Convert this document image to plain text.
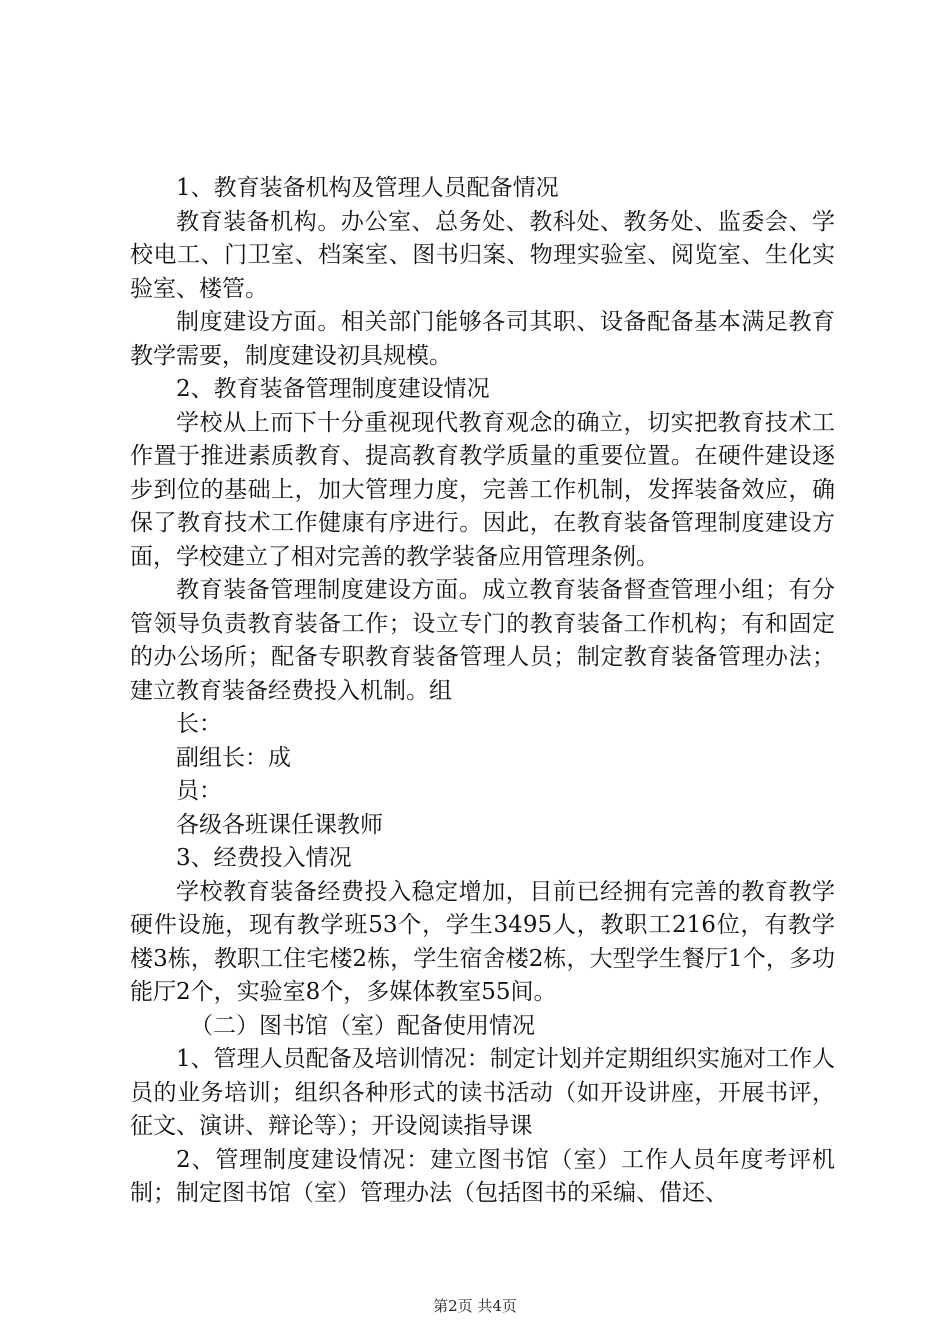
1、教育装备机构及管理人员配备情况

教育装备机构。办公室、总务处、教科处、教务处、监委会、学校电工、门卫室、档案室、图书归案、物理实验室、阅览室、生化实验室、楼管。

制度建设方面。相关部门能够各司其职、设备配备基本满足教育教学需要，制度建设初具规模。

2、教育装备管理制度建设情况

学校从上而下十分重视现代教育观念的确立，切实把教育技术工作置于推进素质教育、提高教育教学质量的重要位置。在硬件建设逐步到位的基础上，加大管理力度，完善工作机制，发挥装备效应，确保了教育技术工作健康有序进行。因此，在教育装备管理制度建设方面，学校建立了相对完善的教学装备应用管理条例。

教育装备管理制度建设方面。成立教育装备督查管理小组；有分管领导负责教育装备工作；设立专门的教育装备工作机构；有和固定的办公场所；配备专职教育装备管理人员；制定教育装备管理办法；建立教育装备经费投入机制。组

长：

副组长：成

员：

各级各班课任课教师

3、经费投入情况

学校教育装备经费投入稳定增加，目前已经拥有完善的教育教学硬件设施，现有教学班53个，学生3495人，教职工216位，有教学楼3栋，教职工住宅楼2栋，学生宿舍楼2栋，大型学生餐厅1个，多功能厅2个，实验室8个，多媒体教室55间。

（二）图书馆（室）配备使用情况

1、管理人员配备及培训情况：制定计划并定期组织实施对工作人员的业务培训；组织各种形式的读书活动（如开设讲座，开展书评，征文、演讲、辩论等）；开设阅读指导课

2、管理制度建设情况：建立图书馆（室）工作人员年度考评机制；制定图书馆（室）管理办法（包括图书的采编、借还、

第2页 共4页
